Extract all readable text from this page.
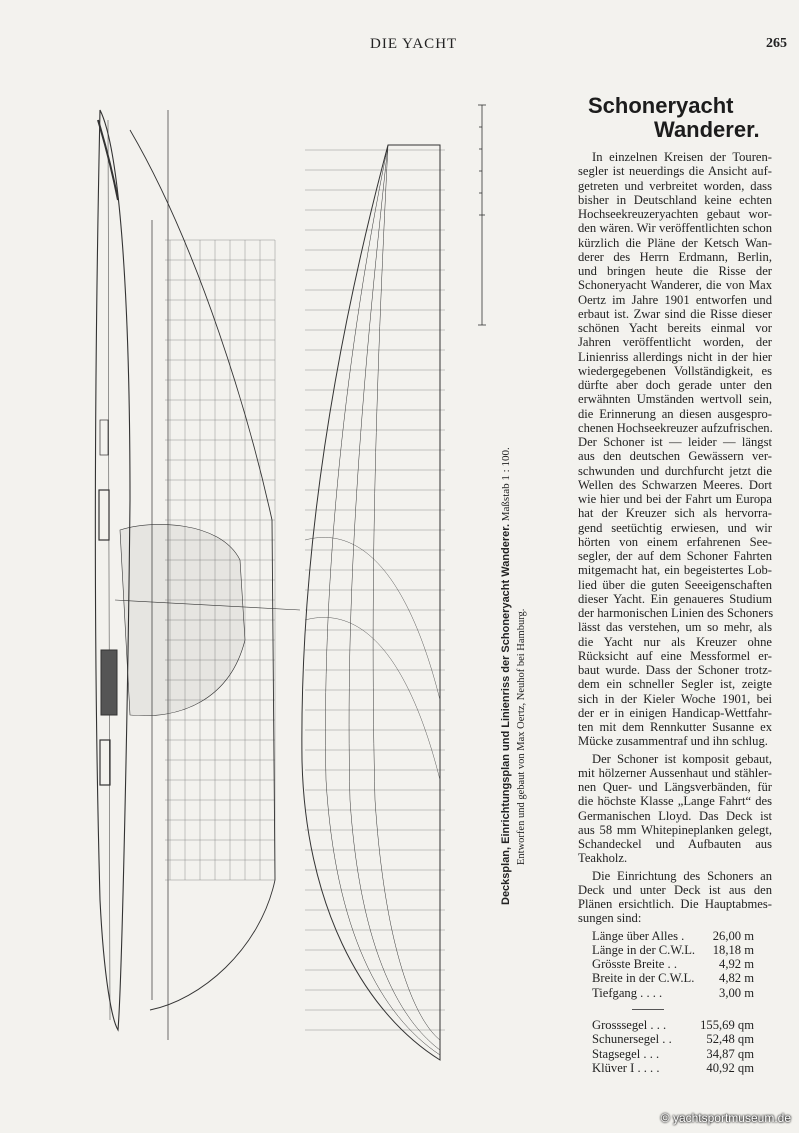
DIE YACHT	265
Decksplan, Einrichtungsplan und Linienriss der Schoneryacht Wanderer. Maßstab 1 : 100.
Entworfen und gebaut von Max Oertz, Neuhof bei Hamburg.
Schoneryacht
Wanderer.
In einzelnen Kreisen der Touren-
segler ist neuerdings die Ansicht auf-
getreten und verbreitet worden, dass
bisher in Deutschland keine echten
Hochseekreuzeryachten gebaut wor-
den wären. Wir veröffentlichten schon
kürzlich die Pläne der Ketsch Wan-
derer des Herrn Erdmann, Berlin,
und bringen heute die Risse der
Schoneryacht Wanderer, die von Max
Oertz im Jahre 1901 entworfen und
erbaut ist. Zwar sind die Risse dieser
schönen Yacht bereits einmal vor
Jahren veröffentlicht worden, der
Linienriss allerdings nicht in der hier
wiedergegebenen Vollständigkeit, es
dürfte aber doch gerade unter den
erwähnten Umständen wertvoll sein,
die Erinnerung an diesen ausgespro-
chenen Hochseekreuzer aufzufrischen.
Der Schoner ist — leider — längst
aus den deutschen Gewässern ver-
schwunden und durchfurcht jetzt die
Wellen des Schwarzen Meeres. Dort
wie hier und bei der Fahrt um Europa
hat der Kreuzer sich als hervorra-
gend seetüchtig erwiesen, und wir
hörten von einem erfahrenen See-
segler, der auf dem Schoner Fahrten
mitgemacht hat, ein begeistertes Lob-
lied über die guten Seeeigenschaften
dieser Yacht. Ein genaueres Studium
der harmonischen Linien des Schoners
lässt das verstehen, um so mehr, als
die Yacht nur als Kreuzer ohne
Rücksicht auf eine Messformel er-
baut wurde. Dass der Schoner trotz-
dem ein schneller Segler ist, zeigte
sich in der Kieler Woche 1901, bei
der er in einigen Handicap-Wettfahr-
ten mit dem Rennkutter Susanne ex
Mücke zusammentraf und ihn schlug.
Der Schoner ist komposit gebaut,
mit hölzerner Aussenhaut und stähler-
nen Quer- und Längsverbänden, für
die höchste Klasse „Lange Fahrt“ des
Germanischen Lloyd. Das Deck ist
aus 58 mm Whitepineplanken gelegt,
Schandeckel und Aufbauten aus
Teakholz.
Die Einrichtung des Schoners an
Deck und unter Deck ist aus den
Plänen ersichtlich. Die Hauptabmes-
sungen sind:
Länge über Alles .	26,00 m
Länge in der C.W.L.	18,18 m
Grösste Breite . .	4,92 m
Breite in der C.W.L.	4,82 m
Tiefgang . . . .	3,00 m
Grosssegel . . .	155,69 qm
Schunersegel . .	52,48 qm
Stagsegel . . .	34,87 qm
Klüver I . . . .	40,92 qm
© yachtsportmuseum.de
